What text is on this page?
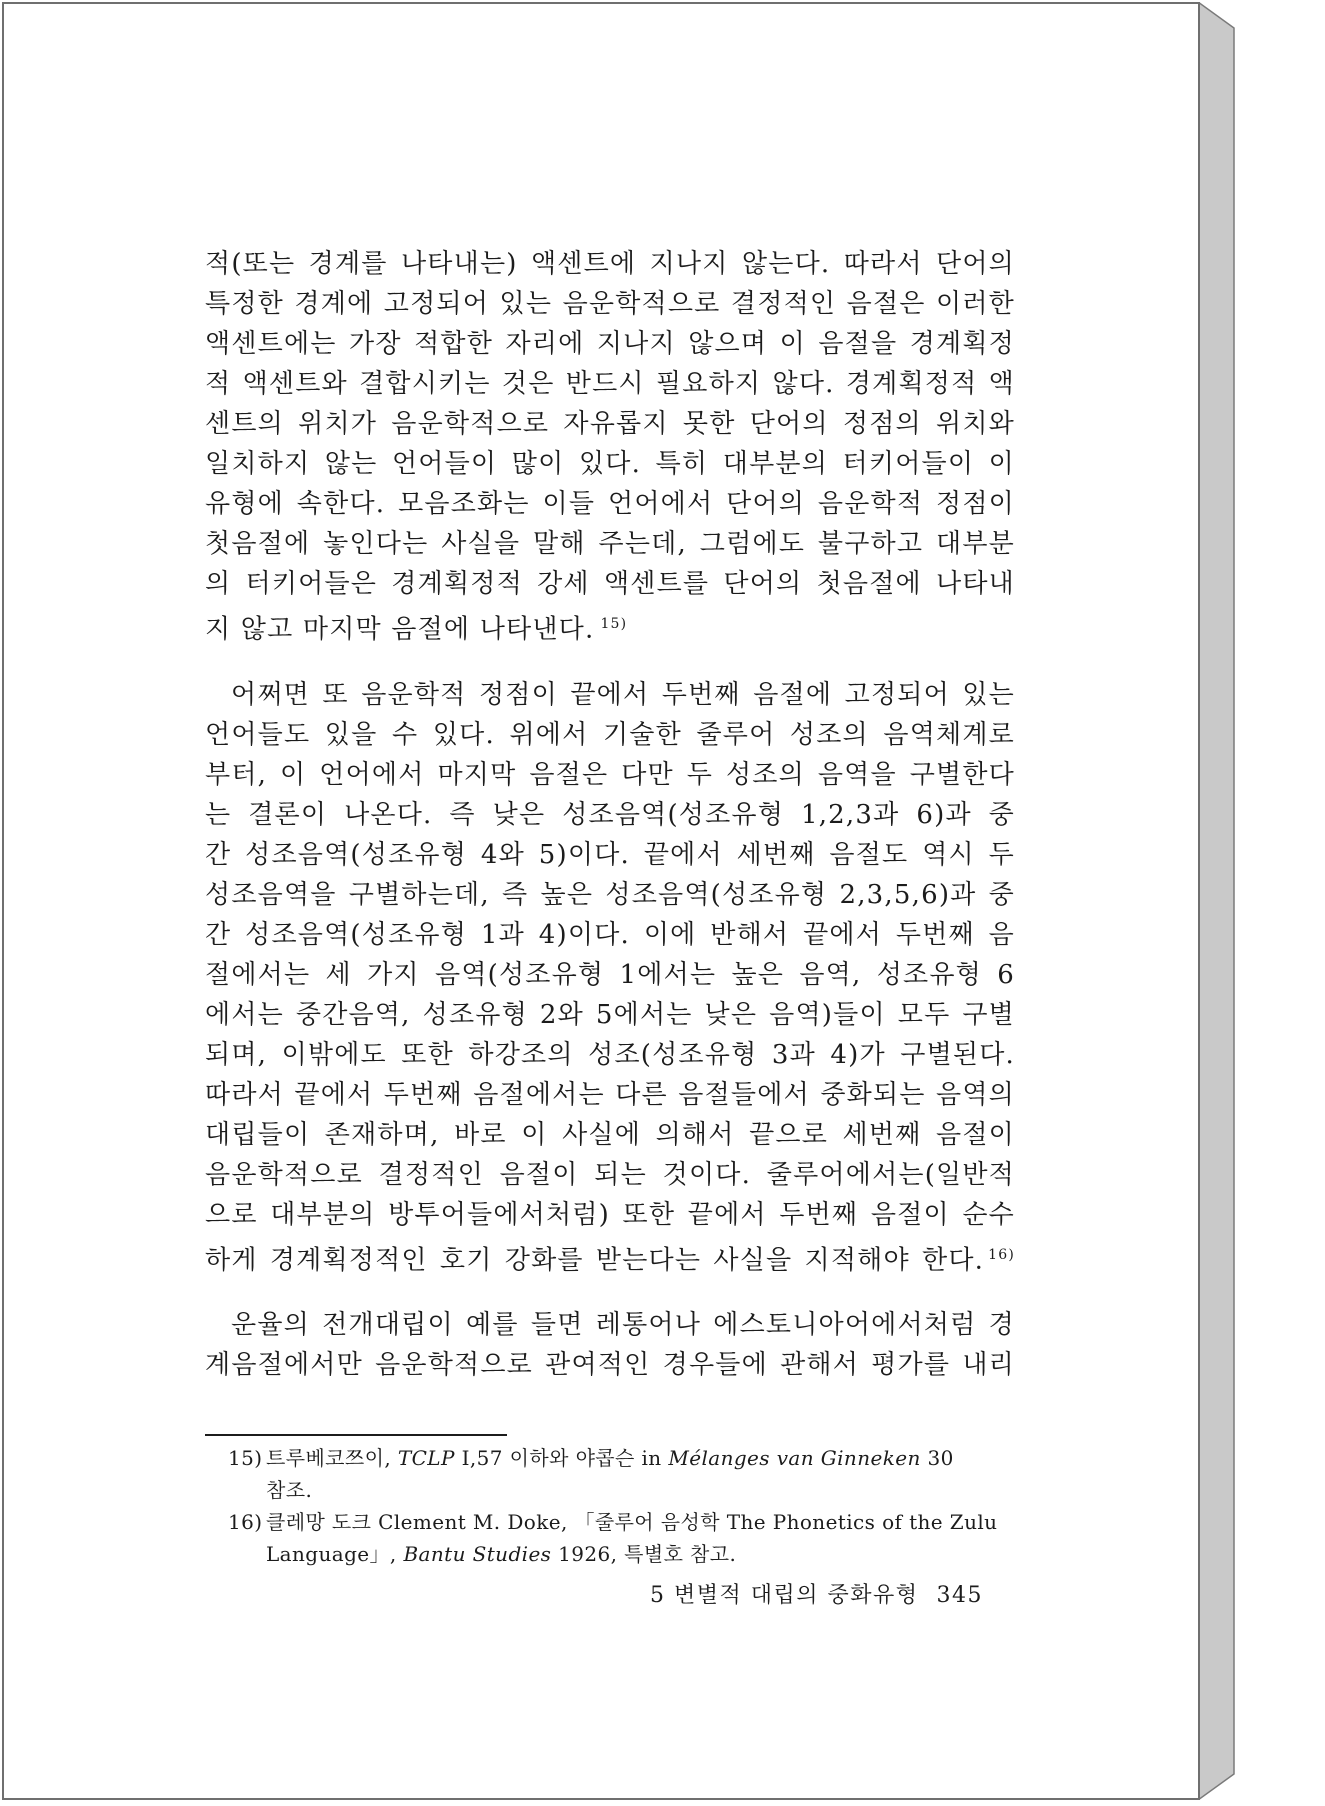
적(또는 경계를 나타내는) 액센트에 지나지 않는다. 따라서 단어의
특정한 경계에 고정되어 있는 음운학적으로 결정적인 음절은 이러한
액센트에는 가장 적합한 자리에 지나지 않으며 이 음절을 경계획정
적 액센트와 결합시키는 것은 반드시 필요하지 않다. 경계획정적 액
센트의 위치가 음운학적으로 자유롭지 못한 단어의 정점의 위치와
일치하지 않는 언어들이 많이 있다. 특히 대부분의 터키어들이 이
유형에 속한다. 모음조화는 이들 언어에서 단어의 음운학적 정점이
첫음절에 놓인다는 사실을 말해 주는데, 그럼에도 불구하고 대부분
의 터키어들은 경계획정적 강세 액센트를 단어의 첫음절에 나타내
지 않고 마지막 음절에 나타낸다. $^{15)}$

어쩌면 또 음운학적 정점이 끝에서 두번째 음절에 고정되어 있는
언어들도 있을 수 있다. 위에서 기술한 줄루어 성조의 음역체계로
부터, 이 언어에서 마지막 음절은 다만 두 성조의 음역을 구별한다
는 결론이 나온다. 즉 낮은 성조음역(성조유형 1,2,3과 6)과 중
간 성조음역(성조유형 4와 5)이다. 끝에서 세번째 음절도 역시 두
성조음역을 구별하는데, 즉 높은 성조음역(성조유형 2,3,5,6)과 중
간 성조음역(성조유형 1과 4)이다. 이에 반해서 끝에서 두번째 음
절에서는 세 가지 음역(성조유형 1에서는 높은 음역, 성조유형 6
에서는 중간음역, 성조유형 2와 5에서는 낮은 음역)들이 모두 구별
되며, 이밖에도 또한 하강조의 성조(성조유형 3과 4)가 구별된다.
따라서 끝에서 두번째 음절에서는 다른 음절들에서 중화되는 음역의
대립들이 존재하며, 바로 이 사실에 의해서 끝으로 세번째 음절이
음운학적으로 결정적인 음절이 되는 것이다. 줄루어에서는(일반적
으로 대부분의 방투어들에서처럼) 또한 끝에서 두번째 음절이 순수
하게 경계획정적인 호기 강화를 받는다는 사실을 지적해야 한다. $^{16)}$

운율의 전개대립이 예를 들면 레통어나 에스토니아어에서처럼 경
계음절에서만 음운학적으로 관여적인 경우들에 관해서 평가를 내리

15) 트루베코쯔이, TCLP Ⅰ,57 이하와 야콥슨 in Mélanges van Ginneken 30
참조.
16) 클레망 도크 Clement M. Doke, 「줄루어 음성학 The Phonetics of the Zulu
Language」, Bantu Studies 1926, 특별호 참고.
5 변별적 대립의 중화유형 345
